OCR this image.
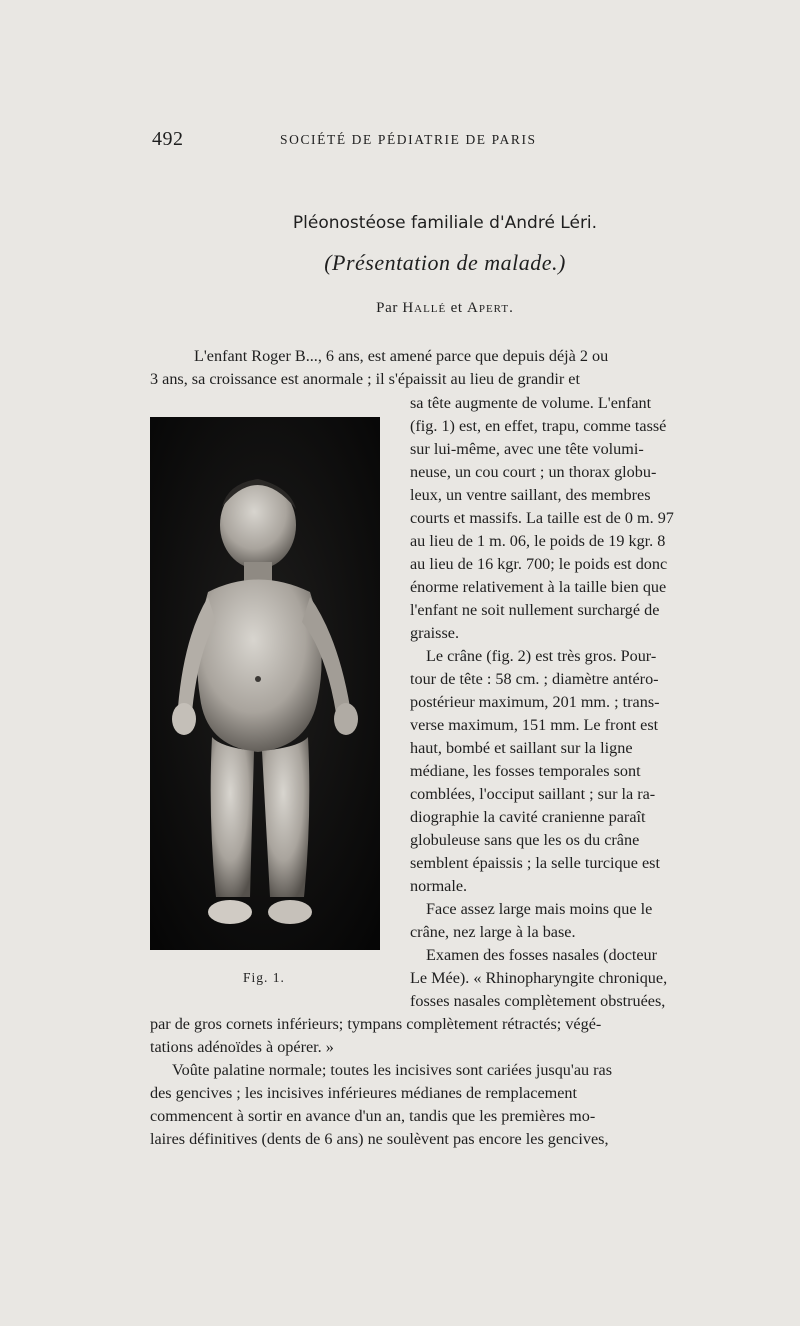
492	SOCIÉTÉ DE PÉDIATRIE DE PARIS
Pléonostéose familiale d'André Léri.
(Présentation de malade.)
Par Hallé et Apert.
Fig. 1.
L'enfant Roger B..., 6 ans, est amené parce que depuis déjà 2 ou
3 ans, sa croissance est anormale ; il s'épaissit au lieu de grandir et
sa tête augmente de volume. L'enfant
(fig. 1) est, en effet, trapu, comme tassé
sur lui-même, avec une tête volumi-
neuse, un cou court ; un thorax globu-
leux, un ventre saillant, des membres
courts et massifs. La taille est de 0 m. 97
au lieu de 1 m. 06, le poids de 19 kgr. 8
au lieu de 16 kgr. 700; le poids est donc
énorme relativement à la taille bien que
l'enfant ne soit nullement surchargé de
graisse.
Le crâne (fig. 2) est très gros. Pour-
tour de tête : 58 cm. ; diamètre antéro-
postérieur maximum, 201 mm. ; trans-
verse maximum, 151 mm. Le front est
haut, bombé et saillant sur la ligne
médiane, les fosses temporales sont
comblées, l'occiput saillant ; sur la ra-
diographie la cavité cranienne paraît
globuleuse sans que les os du crâne
semblent épaissis ; la selle turcique est
normale.
Face assez large mais moins que le
crâne, nez large à la base.
Examen des fosses nasales (docteur
Le Mée). « Rhinopharyngite chronique,
fosses nasales complètement obstruées,
par de gros cornets inférieurs; tympans complètement rétractés; végé-
tations adénoïdes à opérer. »
Voûte palatine normale; toutes les incisives sont cariées jusqu'au ras
des gencives ; les incisives inférieures médianes de remplacement
commencent à sortir en avance d'un an, tandis que les premières mo-
laires définitives (dents de 6 ans) ne soulèvent pas encore les gencives,
